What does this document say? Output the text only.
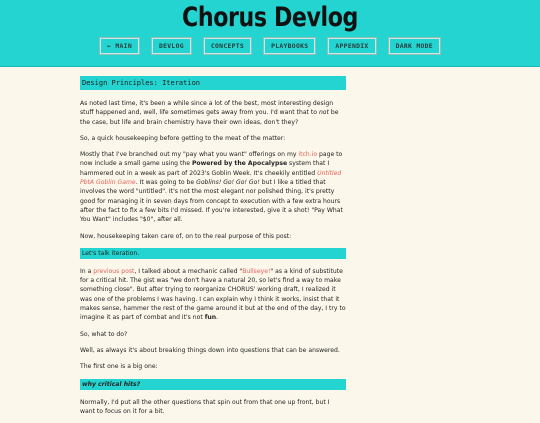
Chorus Devlog
← MAIN	DEVLOG	CONCEPTS	PLAYBOOKS	APPENDIX	DARK MODE
Design Principles: Iteration

As noted last time, it's been a while since a lot of the best, most interesting design stuff happened and, well, life sometimes gets away from you. I'd want that to not be the case, but life and brain chemistry have their own ideas, don't they?

So, a quick housekeeping before getting to the meat of the matter:

Mostly that I've branched out my "pay what you want" offerings on my itch.io page to now include a small game using the Powered by the Apocalypse system that I hammered out in a week as part of 2023's Goblin Week. It's cheekily entitled Untitled PbtA Goblin Game. It was going to be Goblins! Go! Go! Go! but I like a titled that involves the word "untitled". It's not the most elegant nor polished thing, it's pretty good for managing it in seven days from concept to execution with a few extra hours after the fact to fix a few bits I'd missed. If you're interested, give it a shot! "Pay What You Want" includes "$0", after all.

Now, housekeeping taken care of, on to the real purpose of this post:

Let's talk iteration.

In a previous post, I talked about a mechanic called "Bullseye!" as a kind of substitute for a critical hit. The gist was "we don't have a natural 20, so let's find a way to make something close". But after trying to reorganize CHORUS' working draft, I realized it was one of the problems I was having. I can explain why I think it works, insist that it makes sense, hammer the rest of the game around it but at the end of the day, I try to imagine it as part of combat and it's not fun.

So, what to do?

Well, as always it's about breaking things down into questions that can be answered.

The first one is a big one:

why critical hits?

Normally, I'd put all the other questions that spin out from that one up front, but I want to focus on it for a bit.
